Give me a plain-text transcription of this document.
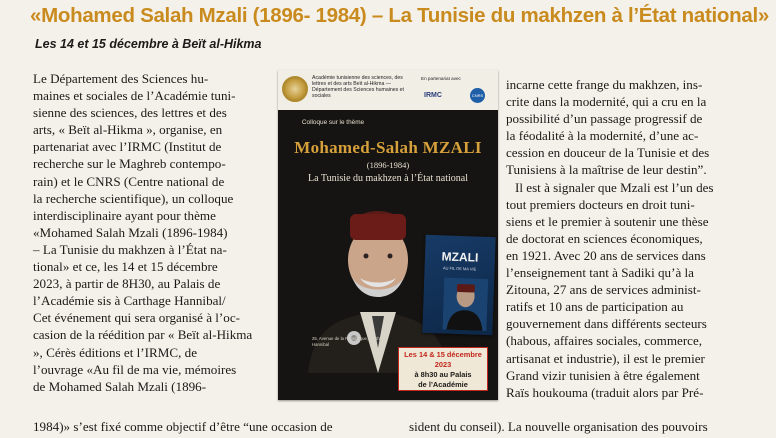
«Mohamed Salah Mzali (1896- 1984) – La Tunisie du makhzen à l’État national»
Les 14 et 15 décembre à Beït al-Hikma

Le Département des Sciences hu-

maines et sociales de l’Académie tuni-

sienne des sciences, des lettres et des

arts, « Beït al-Hikma », organise, en

partenariat avec l’IRMC (Institut de

recherche sur le Maghreb contempo-

rain) et le CNRS (Centre national de

la recherche scientifique), un colloque

interdisciplinaire ayant pour thème

«Mohamed Salah Mzali (1896-1984)

– La Tunisie du makhzen à l’État na-

tional» et ce, les 14 et 15 décembre

2023, à partir de 8H30, au Palais de

l’Académie sis à Carthage Hannibal/

Cet événement qui sera organisé à l’oc-

casion de la réédition par « Beït al-Hikma

», Cérès éditions et l’IRMC, de

l’ouvrage «Au fil de ma vie, mémoires

de Mohamed Salah Mzali (1896-

1984)» s’est fixé comme objectif d’être “une occasion de

incarne cette frange du makhzen, ins-

crite dans la modernité, qui a cru en la

possibilité d’un passage progressif de

la féodalité à la modernité, d’une ac-

cession en douceur de la Tunisie et des

Tunisiens à la maîtrise de leur destin”.

Il est à signaler que Mzali est l’un des

tout premiers docteurs en droit tuni-

siens et le premier à soutenir une thèse

de doctorat en sciences économiques,

en 1921. Avec 20 ans de services dans

l’enseignement tant à Sadiki qu’à la

Zitouna, 27 ans de services administ-

ratifs et 10 ans de participation au

gouvernement dans différents secteurs

(habous, affaires sociales, commerce,

artisanat et industrie), il est le premier

Grand vizir tunisien à être également

Raïs houkouma (traduit alors par Pré-

sident du conseil). La nouvelle organisation des pouvoirs

Académie tunisienne des sciences, des lettres et des arts Beït al-Hikma — Département des Sciences humaines et sociales
En partenariat avec
IRMC	CNRS
Colloque sur le thème
Mohamed-Salah MZALI
(1896-1984)
La Tunisie du makhzen à l’État national
MZALI
AU FIL DE MA VIE
25, Avenue de la République, Carthage Hannibal
Les 14 & 15 décembre 2023
à 8h30 au Palais
de l’Académie
